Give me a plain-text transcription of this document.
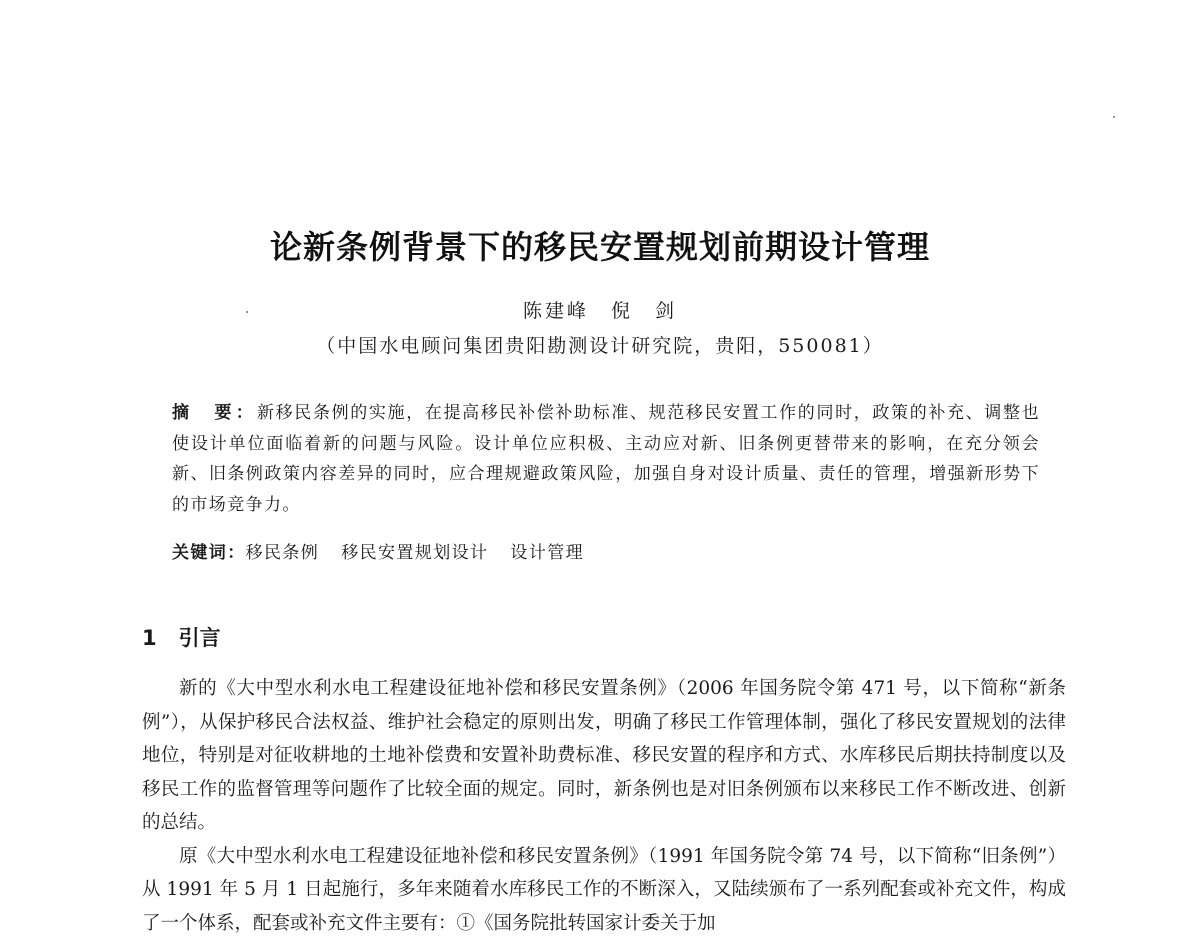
论新条例背景下的移民安置规划前期设计管理
陈建峰　倪　剑
（中国水电顾问集团贵阳勘测设计研究院，贵阳，550081）
摘　要：新移民条例的实施，在提高移民补偿补助标准、规范移民安置工作的同时，政策的补充、调整也使设计单位面临着新的问题与风险。设计单位应积极、主动应对新、旧条例更替带来的影响，在充分领会新、旧条例政策内容差异的同时，应合理规避政策风险，加强自身对设计质量、责任的管理，增强新形势下的市场竞争力。
关键词：移民条例 移民安置规划设计 设计管理
1 引言

新的《大中型水利水电工程建设征地补偿和移民安置条例》（2006 年国务院令第 471 号，以下简称“新条例”），从保护移民合法权益、维护社会稳定的原则出发，明确了移民工作管理体制，强化了移民安置规划的法律地位，特别是对征收耕地的土地补偿费和安置补助费标准、移民安置的程序和方式、水库移民后期扶持制度以及移民工作的监督管理等问题作了比较全面的规定。同时，新条例也是对旧条例颁布以来移民工作不断改进、创新的总结。

原《大中型水利水电工程建设征地补偿和移民安置条例》（1991 年国务院令第 74 号，以下简称“旧条例”）从 1991 年 5 月 1 日起施行，多年来随着水库移民工作的不断深入，又陆续颁布了一系列配套或补充文件，构成了一个体系，配套或补充文件主要有：①《国务院批转国家计委关于加
